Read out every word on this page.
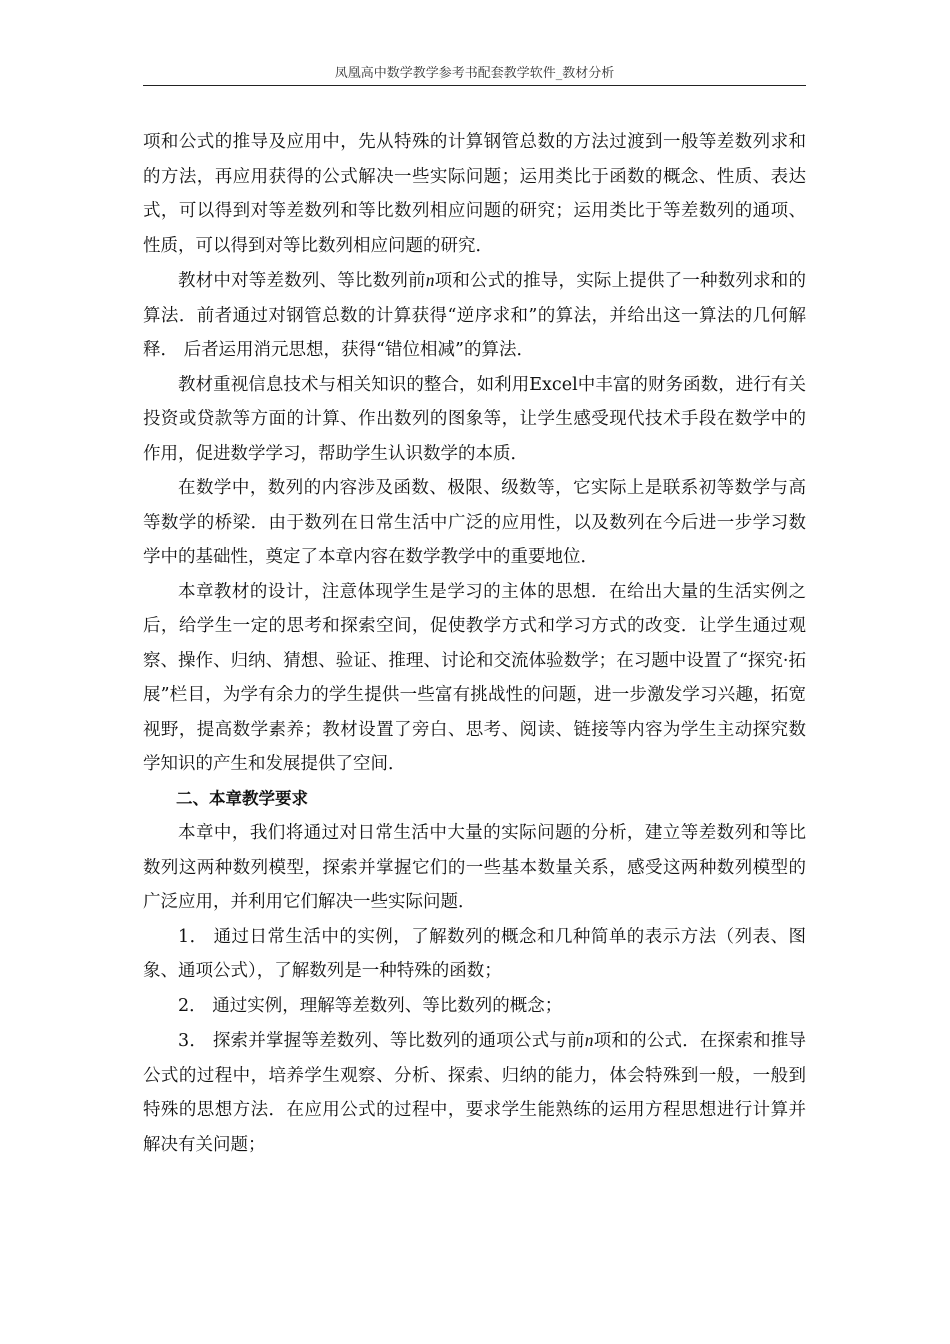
凤凰高中数学教学参考书配套教学软件_教材分析

项和公式的推导及应用中，先从特殊的计算钢管总数的方法过渡到一般等差数列求和的方法，再应用获得的公式解决一些实际问题；运用类比于函数的概念、性质、表达式，可以得到对等差数列和等比数列相应问题的研究；运用类比于等差数列的通项、性质，可以得到对等比数列相应问题的研究．

教材中对等差数列、等比数列前n项和公式的推导，实际上提供了一种数列求和的算法．前者通过对钢管总数的计算获得“逆序求和”的算法，并给出这一算法的几何解释． 后者运用消元思想，获得“错位相减”的算法．

教材重视信息技术与相关知识的整合，如利用Excel中丰富的财务函数，进行有关投资或贷款等方面的计算、作出数列的图象等，让学生感受现代技术手段在数学中的作用，促进数学学习，帮助学生认识数学的本质．

在数学中，数列的内容涉及函数、极限、级数等，它实际上是联系初等数学与高等数学的桥梁．由于数列在日常生活中广泛的应用性，以及数列在今后进一步学习数学中的基础性，奠定了本章内容在数学教学中的重要地位．

本章教材的设计，注意体现学生是学习的主体的思想．在给出大量的生活实例之后，给学生一定的思考和探索空间，促使教学方式和学习方式的改变．让学生通过观察、操作、归纳、猜想、验证、推理、讨论和交流体验数学；在习题中设置了“探究·拓展”栏目，为学有余力的学生提供一些富有挑战性的问题，进一步激发学习兴趣，拓宽视野，提高数学素养；教材设置了旁白、思考、阅读、链接等内容为学生主动探究数学知识的产生和发展提供了空间．

二、本章教学要求

本章中，我们将通过对日常生活中大量的实际问题的分析，建立等差数列和等比数列这两种数列模型，探索并掌握它们的一些基本数量关系，感受这两种数列模型的广泛应用，并利用它们解决一些实际问题．

1． 通过日常生活中的实例，了解数列的概念和几种简单的表示方法（列表、图象、通项公式），了解数列是一种特殊的函数；

2． 通过实例，理解等差数列、等比数列的概念；

3． 探索并掌握等差数列、等比数列的通项公式与前n项和的公式．在探索和推导公式的过程中，培养学生观察、分析、探索、归纳的能力，体会特殊到一般，一般到特殊的思想方法．在应用公式的过程中，要求学生能熟练的运用方程思想进行计算并解决有关问题；
